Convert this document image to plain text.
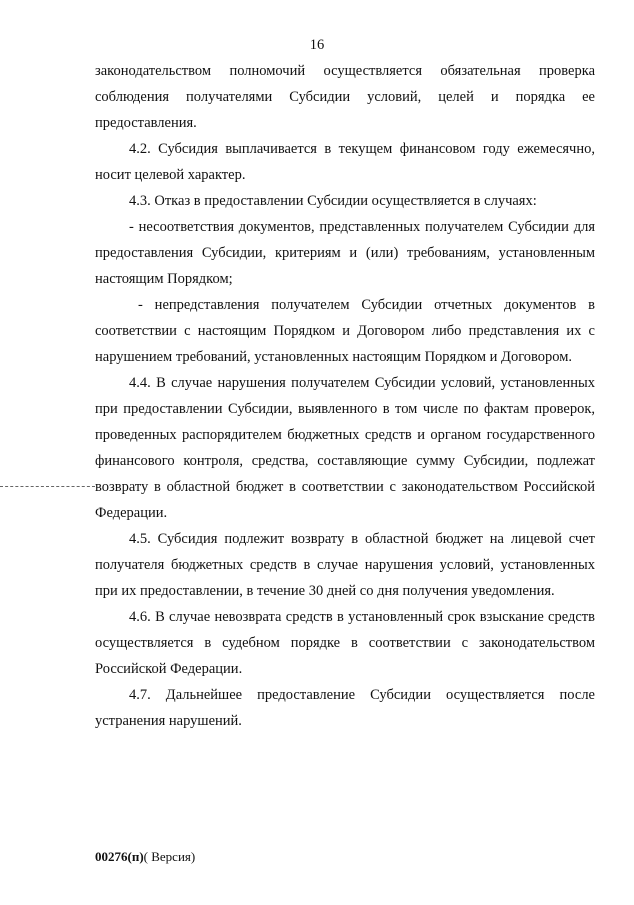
16

законодательством полномочий осуществляется обязательная проверка соблюдения получателями Субсидии условий, целей и порядка ее предоставления.

4.2. Субсидия выплачивается в текущем финансовом году ежемесячно, носит целевой характер.

4.3. Отказ в предоставлении Субсидии осуществляется в случаях:

- несоответствия документов, представленных получателем Субсидии для предоставления Субсидии, критериям и (или) требованиям, установленным настоящим Порядком;

- непредставления получателем Субсидии отчетных документов в соответствии с настоящим Порядком и Договором либо представления их с нарушением требований, установленных настоящим Порядком и Договором.

4.4. В случае нарушения получателем Субсидии условий, установленных при предоставлении Субсидии, выявленного в том числе по фактам проверок, проведенных распорядителем бюджетных средств и органом государственного финансового контроля, средства, составляющие сумму Субсидии, подлежат возврату в областной бюджет в соответствии с законодательством Российской Федерации.

4.5. Субсидия подлежит возврату в областной бюджет на лицевой счет получателя бюджетных средств в случае нарушения условий, установленных при их предоставлении, в течение 30 дней со дня получения уведомления.

4.6. В случае невозврата средств в установленный срок взыскание средств осуществляется в судебном порядке в соответствии с законодательством Российской Федерации.

4.7. Дальнейшее предоставление Субсидии осуществляется после устранения нарушений.

00276(п)( Версия)
